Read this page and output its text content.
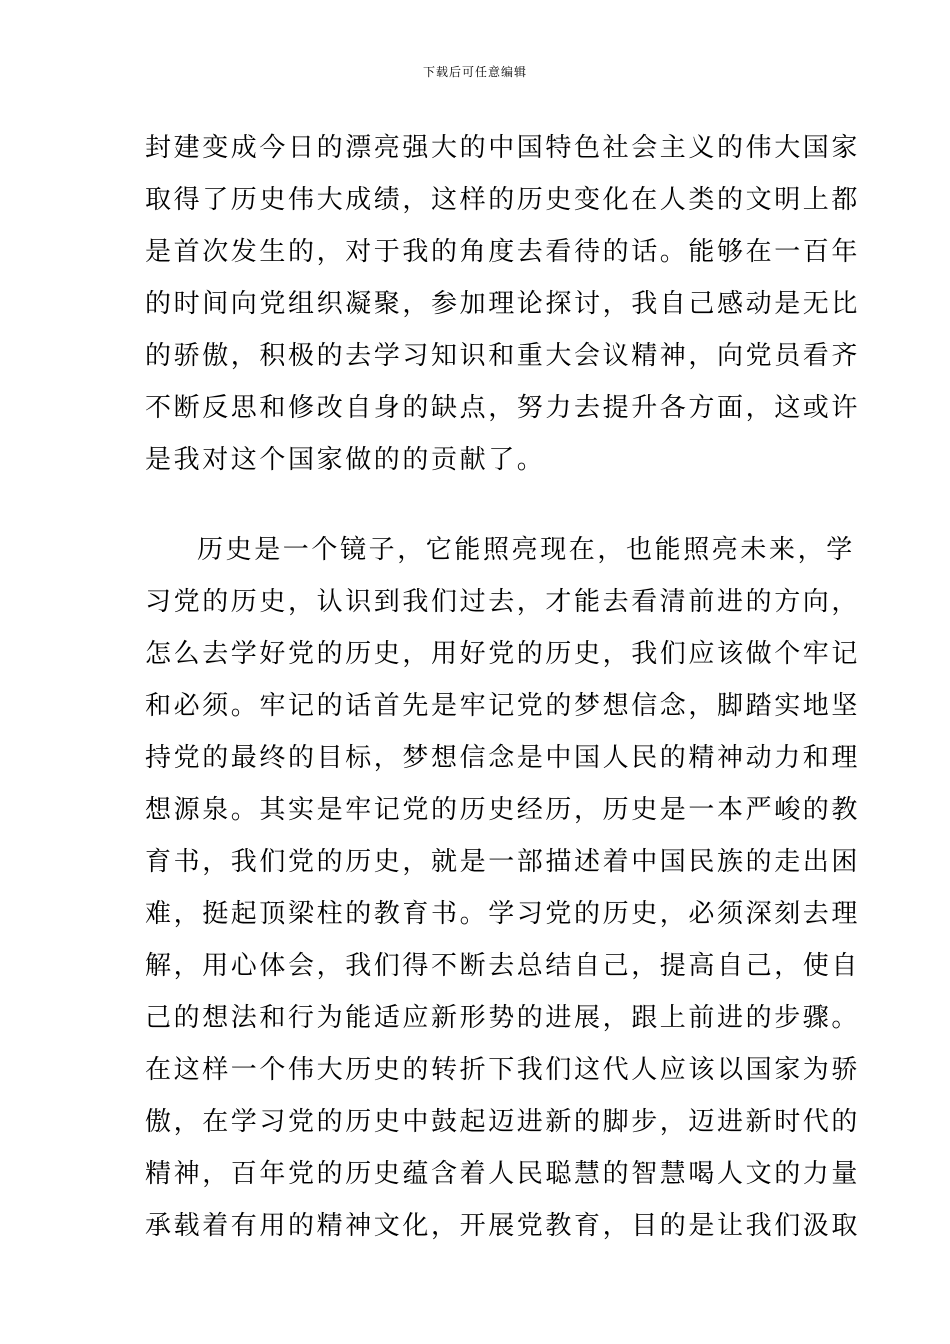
下载后可任意编辑
封建变成今日的漂亮强大的中国特色社会主义的伟大国家
取得了历史伟大成绩，这样的历史变化在人类的文明上都
是首次发生的，对于我的角度去看待的话。能够在一百年
的时间向党组织凝聚，参加理论探讨，我自己感动是无比
的骄傲，积极的去学习知识和重大会议精神，向党员看齐
不断反思和修改自身的缺点，努力去提升各方面，这或许
是我对这个国家做的的贡献了。
历史是一个镜子，它能照亮现在，也能照亮未来，学
习党的历史，认识到我们过去，才能去看清前进的方向，
怎么去学好党的历史，用好党的历史，我们应该做个牢记
和必须。牢记的话首先是牢记党的梦想信念，脚踏实地坚
持党的最终的目标，梦想信念是中国人民的精神动力和理
想源泉。其实是牢记党的历史经历，历史是一本严峻的教
育书，我们党的历史，就是一部描述着中国民族的走出困
难，挺起顶梁柱的教育书。学习党的历史，必须深刻去理
解，用心体会，我们得不断去总结自己，提高自己，使自
己的想法和行为能适应新形势的进展，跟上前进的步骤。
在这样一个伟大历史的转折下我们这代人应该以国家为骄
傲，在学习党的历史中鼓起迈进新的脚步，迈进新时代的
精神，百年党的历史蕴含着人民聪慧的智慧喝人文的力量
承载着有用的精神文化，开展党教育，目的是让我们汲取
